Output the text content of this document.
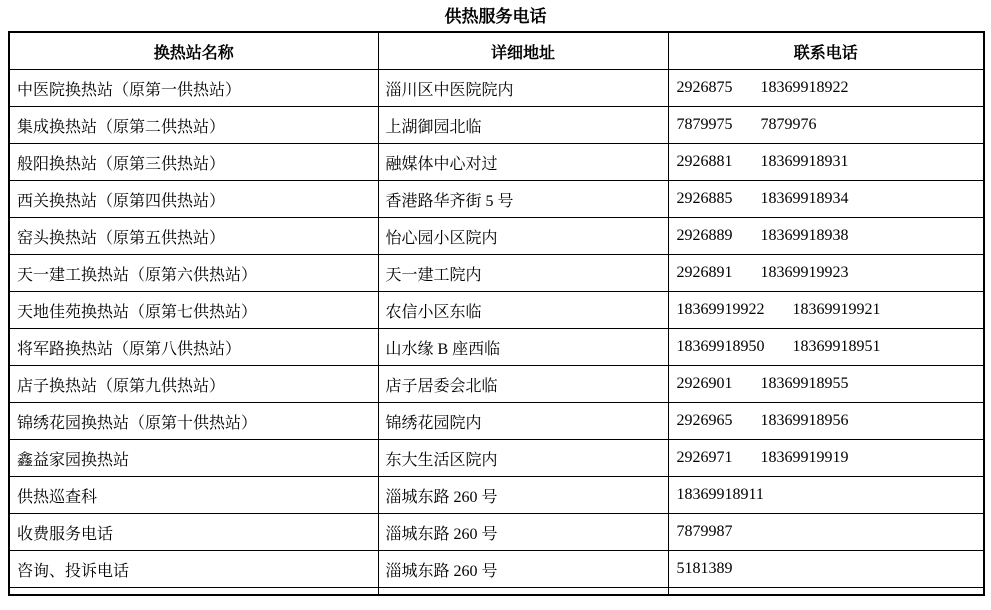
供热服务电话
换热站名称	详细地址	联系电话
中医院换热站（原第一供热站）	淄川区中医院院内	2926875 18369918922
集成换热站（原第二供热站）	上湖御园北临	7879975 7879976
般阳换热站（原第三供热站）	融媒体中心对过	2926881 18369918931
西关换热站（原第四供热站）	香港路华齐街 5 号	2926885 18369918934
窑头换热站（原第五供热站）	怡心园小区院内	2926889 18369918938
天一建工换热站（原第六供热站）	天一建工院内	2926891 18369919923
天地佳苑换热站（原第七供热站）	农信小区东临	18369919922 18369919921
将军路换热站（原第八供热站）	山水缘 B 座西临	18369918950 18369918951
店子换热站（原第九供热站）	店子居委会北临	2926901 18369918955
锦绣花园换热站（原第十供热站）	锦绣花园院内	2926965 18369918956
鑫益家园换热站	东大生活区院内	2926971 18369919919
供热巡查科	淄城东路 260 号	18369918911
收费服务电话	淄城东路 260 号	7879987
咨询、投诉电话	淄城东路 260 号	5181389
